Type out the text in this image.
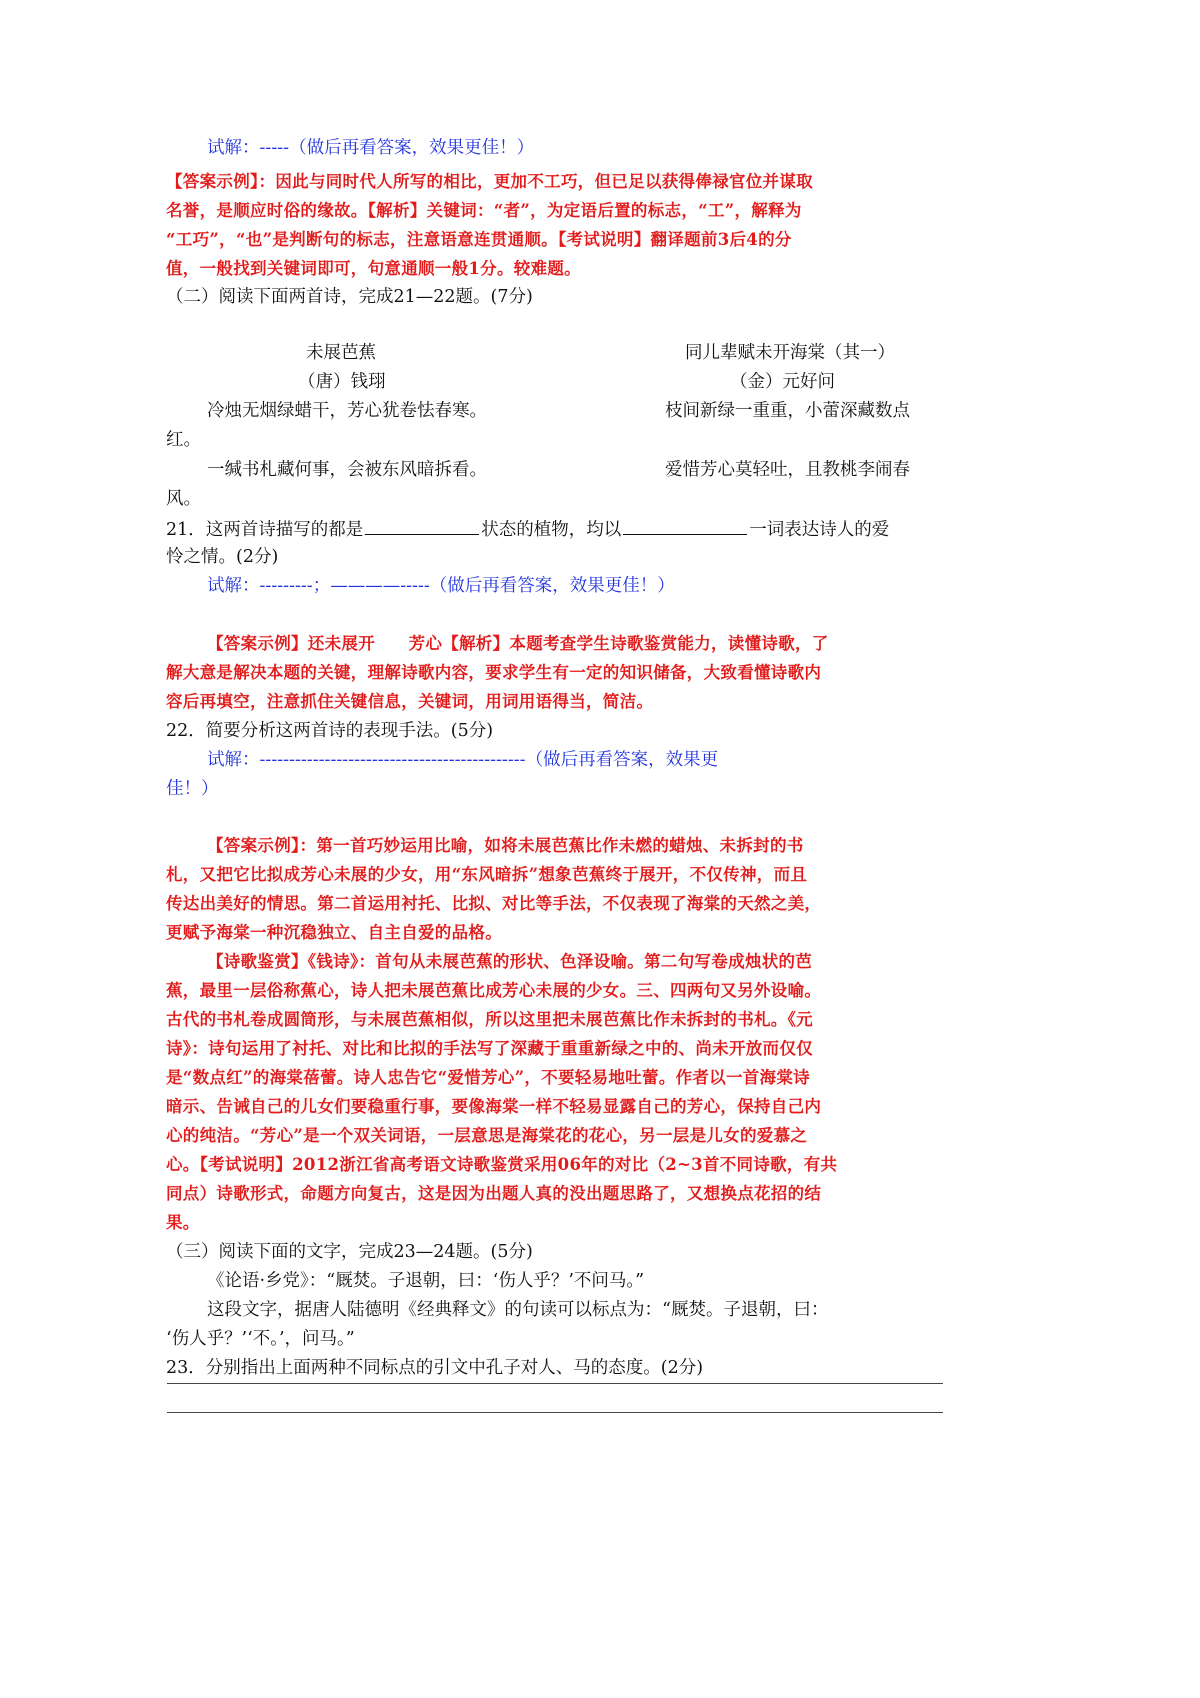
试解：-----（做后再看答案，效果更佳！）
【答案示例】：因此与同时代人所写的相比，更加不工巧，但已足以获得俸禄官位并谋取
名誉，是顺应时俗的缘故。【解析】关键词：“者”，为定语后置的标志，“工”，解释为
“工巧”，“也”是判断句的标志，注意语意连贯通顺。【考试说明】翻译题前3后4的分
值，一般找到关键词即可，句意通顺一般1分。较难题。
（二）阅读下面两首诗，完成21—22题。(7分)
未展芭蕉	同儿辈赋未开海棠（其一）
（唐）钱珝	（金）元好问
冷烛无烟绿蜡干，芳心犹卷怯春寒。	枝间新绿一重重，小蕾深藏数点
红。
一缄书札藏何事，会被东风暗拆看。	爱惜芳心莫轻吐，且教桃李闹春
风。
21．这两首诗描写的都是	状态的植物，均以	一词表达诗人的爱
怜之情。(2分)
试解：---------；————-----（做后再看答案，效果更佳！）
【答案示例】还未展开　　芳心【解析】本题考查学生诗歌鉴赏能力，读懂诗歌，了
解大意是解决本题的关键，理解诗歌内容，要求学生有一定的知识储备，大致看懂诗歌内
容后再填空，注意抓住关键信息，关键词，用词用语得当，简洁。
22．简要分析这两首诗的表现手法。(5分)
试解：---------------------------------------------（做后再看答案，效果更
佳！）
【答案示例】：第一首巧妙运用比喻，如将未展芭蕉比作未燃的蜡烛、未拆封的书
札，又把它比拟成芳心未展的少女，用“东风暗拆”想象芭蕉终于展开，不仅传神，而且
传达出美好的情思。第二首运用衬托、比拟、对比等手法，不仅表现了海棠的天然之美，
更赋予海棠一种沉稳独立、自主自爱的品格。
【诗歌鉴赏】《钱诗》：首句从未展芭蕉的形状、色泽设喻。第二句写卷成烛状的芭
蕉，最里一层俗称蕉心，诗人把未展芭蕉比成芳心未展的少女。三、四两句又另外设喻。
古代的书札卷成圆筒形，与未展芭蕉相似，所以这里把未展芭蕉比作未拆封的书札。《元
诗》：诗句运用了衬托、对比和比拟的手法写了深藏于重重新绿之中的、尚未开放而仅仅
是“数点红”的海棠蓓蕾。诗人忠告它“爱惜芳心”，不要轻易地吐蕾。作者以一首海棠诗
暗示、告诫自己的儿女们要稳重行事，要像海棠一样不轻易显露自己的芳心，保持自己内
心的纯洁。“芳心”是一个双关词语，一层意思是海棠花的花心，另一层是儿女的爱慕之
心。【考试说明】2012浙江省高考语文诗歌鉴赏采用06年的对比（2~3首不同诗歌，有共
同点）诗歌形式，命题方向复古，这是因为出题人真的没出题思路了，又想换点花招的结
果。
（三）阅读下面的文字，完成23—24题。(5分)
《论语·乡党》：“厩焚。子退朝，曰：‘伤人乎？’不问马。”
这段文字，据唐人陆德明《经典释文》的句读可以标点为：“厩焚。子退朝，曰：
‘伤人乎？’‘不。’，问马。”
23．分别指出上面两种不同标点的引文中孔子对人、马的态度。(2分)
